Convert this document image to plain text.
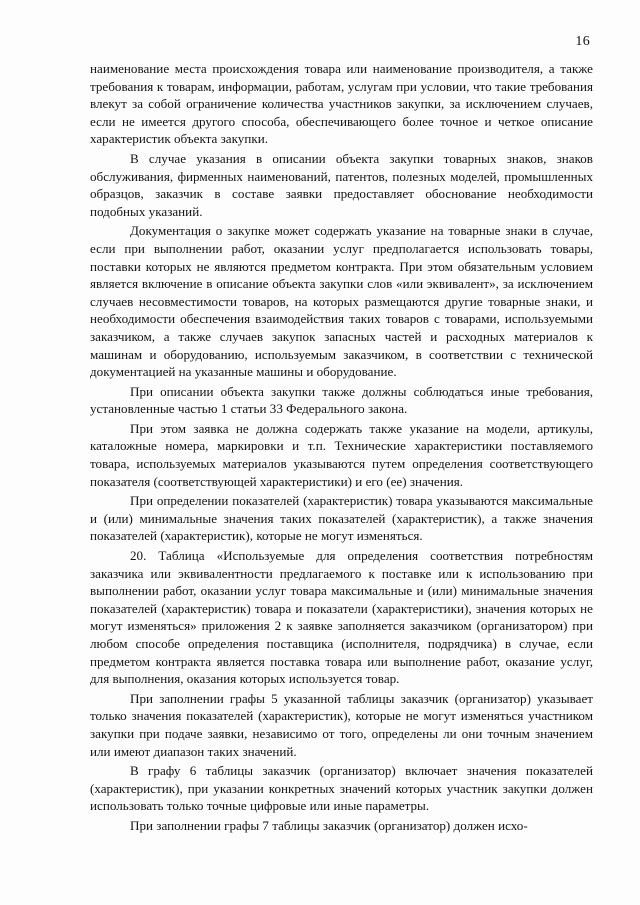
16

наименование места происхождения товара или наименование производителя, а также требования к товарам, информации, работам, услугам при условии, что такие требования влекут за собой ограничение количества участников закупки, за исключением случаев, если не имеется другого способа, обеспечивающего более точное и четкое описание характеристик объекта закупки.

В случае указания в описании объекта закупки товарных знаков, знаков обслуживания, фирменных наименований, патентов, полезных моделей, промышленных образцов, заказчик в составе заявки предоставляет обоснование необходимости подобных указаний.

Документация о закупке может содержать указание на товарные знаки в случае, если при выполнении работ, оказании услуг предполагается использовать товары, поставки которых не являются предметом контракта. При этом обязательным условием является включение в описание объекта закупки слов «или эквивалент», за исключением случаев несовместимости товаров, на которых размещаются другие товарные знаки, и необходимости обеспечения взаимодействия таких товаров с товарами, используемыми заказчиком, а также случаев закупок запасных частей и расходных материалов к машинам и оборудованию, используемым заказчиком, в соответствии с технической документацией на указанные машины и оборудование.

При описании объекта закупки также должны соблюдаться иные требования, установленные частью 1 статьи 33 Федерального закона.

При этом заявка не должна содержать также указание на модели, артикулы, каталожные номера, маркировки и т.п. Технические характеристики поставляемого товара, используемых материалов указываются путем определения соответствующего показателя (соответствующей характеристики) и его (ее) значения.

При определении показателей (характеристик) товара указываются максимальные и (или) минимальные значения таких показателей (характеристик), а также значения показателей (характеристик), которые не могут изменяться.

20. Таблица «Используемые для определения соответствия потребностям заказчика или эквивалентности предлагаемого к поставке или к использованию при выполнении работ, оказании услуг товара максимальные и (или) минимальные значения показателей (характеристик) товара и показатели (характеристики), значения которых не могут изменяться» приложения 2 к заявке заполняется заказчиком (организатором) при любом способе определения поставщика (исполнителя, подрядчика) в случае, если предметом контракта является поставка товара или выполнение работ, оказание услуг, для выполнения, оказания которых используется товар.

При заполнении графы 5 указанной таблицы заказчик (организатор) указывает только значения показателей (характеристик), которые не могут изменяться участником закупки при подаче заявки, независимо от того, определены ли они точным значением или имеют диапазон таких значений.

В графу 6 таблицы заказчик (организатор) включает значения показателей (характеристик), при указании конкретных значений которых участник закупки должен использовать только точные цифровые или иные параметры.

При заполнении графы 7 таблицы заказчик (организатор) должен исхо-
